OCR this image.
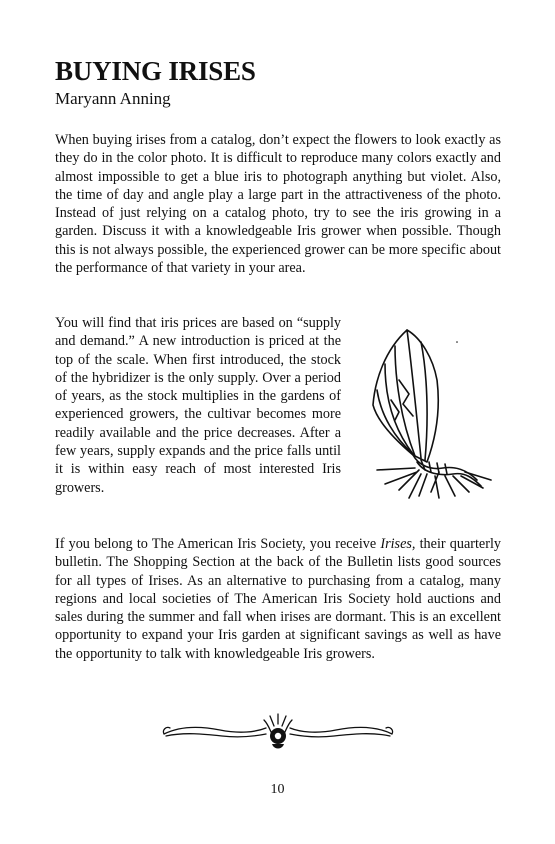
BUYING IRISES
Maryann Anning

When buying irises from a catalog, don’t expect the flowers to look exactly as they do in the color photo. It is difficult to reproduce many colors exactly and almost impossible to get a blue iris to photograph anything but violet. Also, the time of day and angle play a large part in the attractiveness of the photo. Instead of just relying on a catalog photo, try to see the iris growing in a garden. Discuss it with a knowledgeable Iris grower when possible. Though this is not always possible, the experienced grower can be more specific about the performance of that variety in your area.

You will find that iris prices are based on “supply and demand.” A new introduction is priced at the top of the scale. When first introduced, the stock of the hybridizer is the only supply. Over a period of years, as the stock multiplies in the gardens of experienced growers, the cultivar becomes more readily available and the price decreases. After a few years, supply expands and the price falls until it is within easy reach of most interested Iris growers.

If you belong to The American Iris Society, you receive Irises, their quarterly bulletin. The Shopping Section at the back of the Bulletin lists good sources for all types of Irises. As an alternative to purchasing from a catalog, many regions and local societies of The American Iris Society hold auctions and sales during the summer and fall when irises are dormant. This is an excellent opportunity to expand your Iris garden at significant savings as well as have the opportunity to talk with knowledgeable Iris growers.

10
